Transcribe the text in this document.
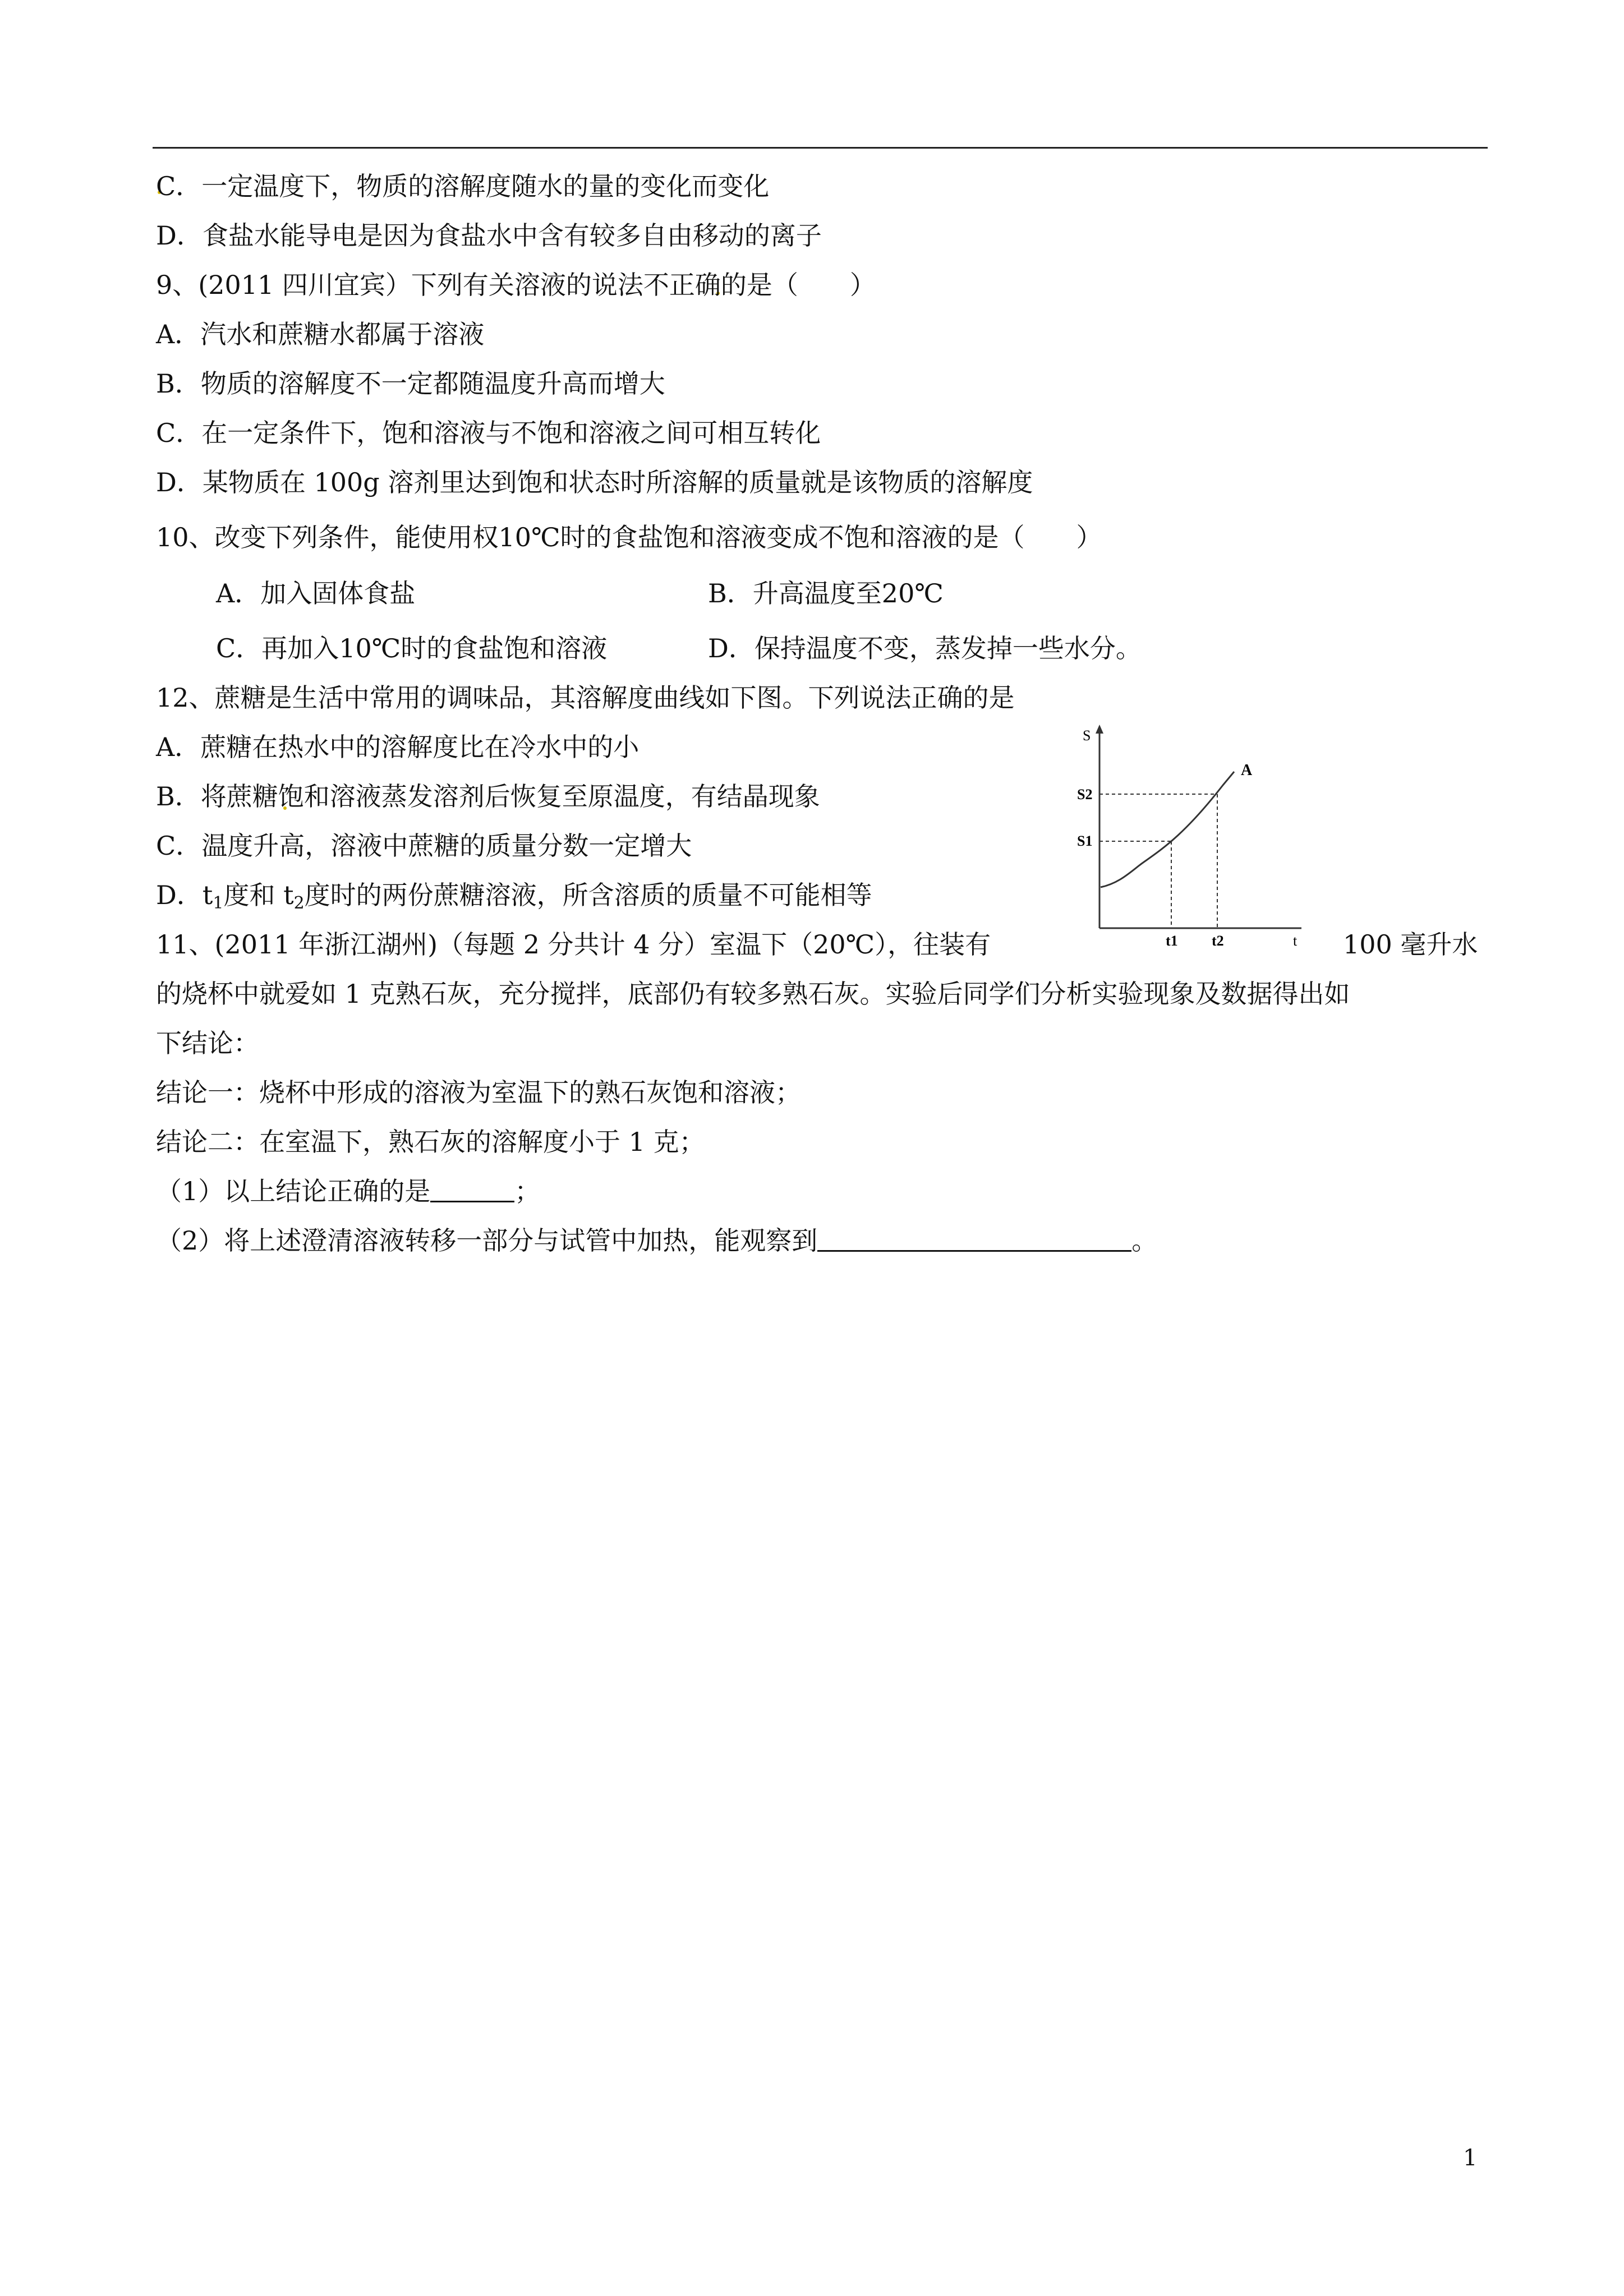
C．一定温度下，物质的溶解度随水的量的变化而变化
D．食盐水能导电是因为食盐水中含有较多自由移动的离子
9、(2011 四川宜宾）下列有关溶液的说法不正确的是（　　）
A．汽水和蔗糖水都属于溶液
B．物质的溶解度不一定都随温度升高而增大
C．在一定条件下，饱和溶液与不饱和溶液之间可相互转化
D．某物质在 100g 溶剂里达到饱和状态时所溶解的质量就是该物质的溶解度
10、改变下列条件，能使用权10℃时的食盐饱和溶液变成不饱和溶液的是（　　）
A．加入固体食盐	B．升高温度至20℃
C．再加入10℃时的食盐饱和溶液	D．保持温度不变，蒸发掉一些水分。
12、蔗糖是生活中常用的调味品，其溶解度曲线如下图。下列说法正确的是
A．蔗糖在热水中的溶解度比在冷水中的小
B．将蔗糖饱和溶液蒸发溶剂后恢复至原温度，有结晶现象
C．温度升高，溶液中蔗糖的质量分数一定增大
D．$t_1$度和 $t_2$度时的两份蔗糖溶液，所含溶质的质量不可能相等
11、(2011 年浙江湖州)（每题 2 分共计 4 分）室温下（20℃），往装有	100 毫升水
的烧杯中就爱如 1 克熟石灰，充分搅拌，底部仍有较多熟石灰。实验后同学们分析实验现象及数据得出如
下结论：
结论一：烧杯中形成的溶液为室温下的熟石灰饱和溶液；
结论二：在室温下，熟石灰的溶解度小于 1 克；
（1）以上结论正确的是	；
（2）将上述澄清溶液转移一部分与试管中加热，能观察到	。
S
S2
S1
t1 t2	t
A
1
